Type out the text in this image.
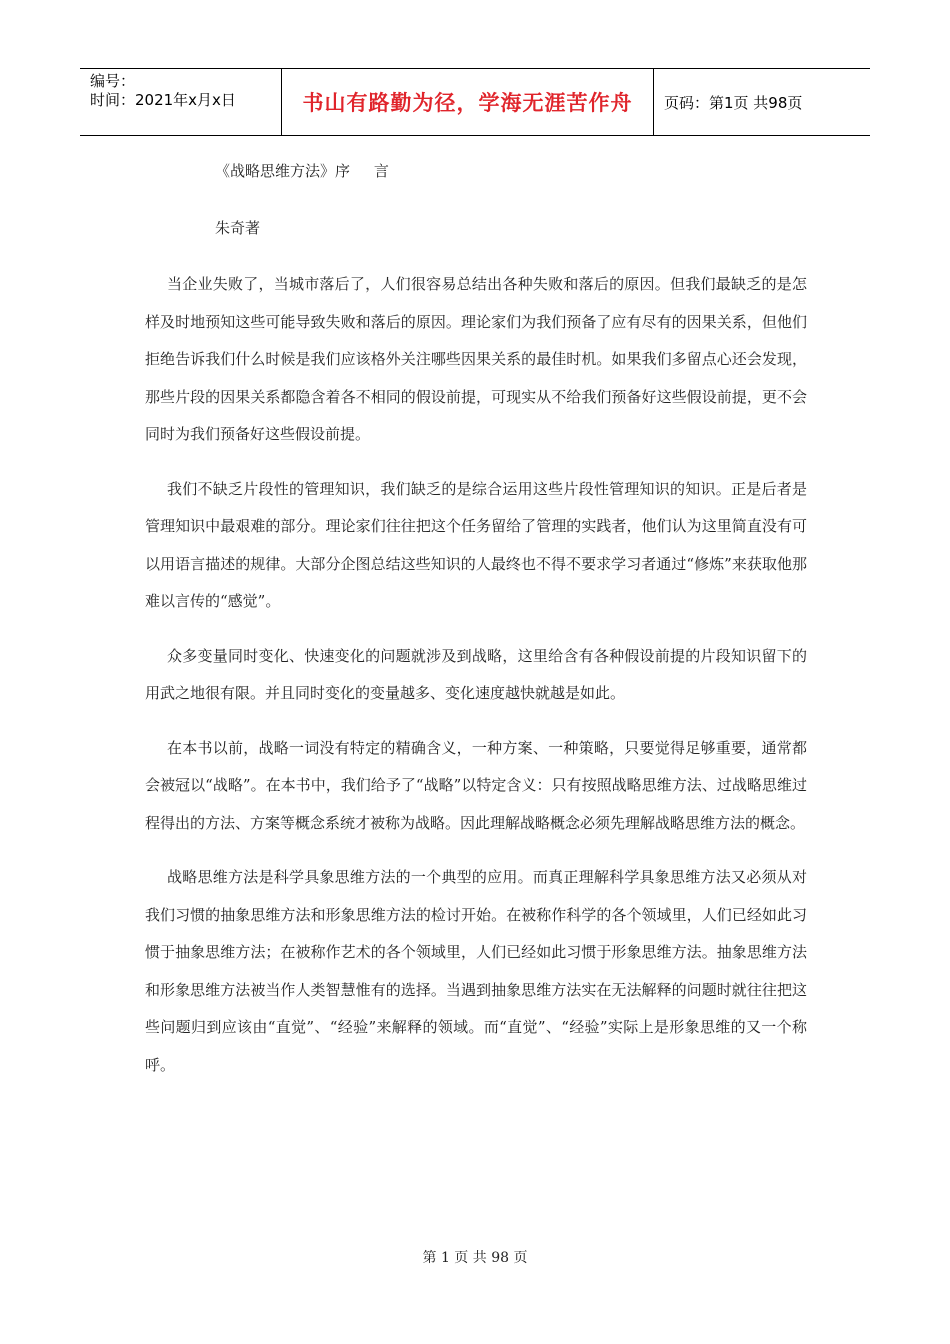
编号：
时间：2021年x月x日	书山有路勤为径，学海无涯苦作舟 页码：第1页 共98页
《战略思维方法》序     言
朱奇著

当企业失败了，当城市落后了，人们很容易总结出各种失败和落后的原因。但我们最缺乏的是怎样及时地预知这些可能导致失败和落后的原因。理论家们为我们预备了应有尽有的因果关系，但他们拒绝告诉我们什么时候是我们应该格外关注哪些因果关系的最佳时机。如果我们多留点心还会发现，那些片段的因果关系都隐含着各不相同的假设前提，可现实从不给我们预备好这些假设前提，更不会同时为我们预备好这些假设前提。

我们不缺乏片段性的管理知识，我们缺乏的是综合运用这些片段性管理知识的知识。正是后者是管理知识中最艰难的部分。理论家们往往把这个任务留给了管理的实践者，他们认为这里简直没有可以用语言描述的规律。大部分企图总结这些知识的人最终也不得不要求学习者通过“修炼”来获取他那难以言传的“感觉”。

众多变量同时变化、快速变化的问题就涉及到战略，这里给含有各种假设前提的片段知识留下的用武之地很有限。并且同时变化的变量越多、变化速度越快就越是如此。

在本书以前，战略一词没有特定的精确含义，一种方案、一种策略，只要觉得足够重要，通常都会被冠以“战略”。在本书中，我们给予了“战略”以特定含义：只有按照战略思维方法、过战略思维过程得出的方法、方案等概念系统才被称为战略。因此理解战略概念必须先理解战略思维方法的概念。

战略思维方法是科学具象思维方法的一个典型的应用。而真正理解科学具象思维方法又必须从对我们习惯的抽象思维方法和形象思维方法的检讨开始。在被称作科学的各个领域里，人们已经如此习惯于抽象思维方法；在被称作艺术的各个领域里，人们已经如此习惯于形象思维方法。抽象思维方法和形象思维方法被当作人类智慧惟有的选择。当遇到抽象思维方法实在无法解释的问题时就往往把这些问题归到应该由“直觉”、“经验”来解释的领域。而“直觉”、“经验”实际上是形象思维的又一个称呼。

第 1 页 共 98 页
